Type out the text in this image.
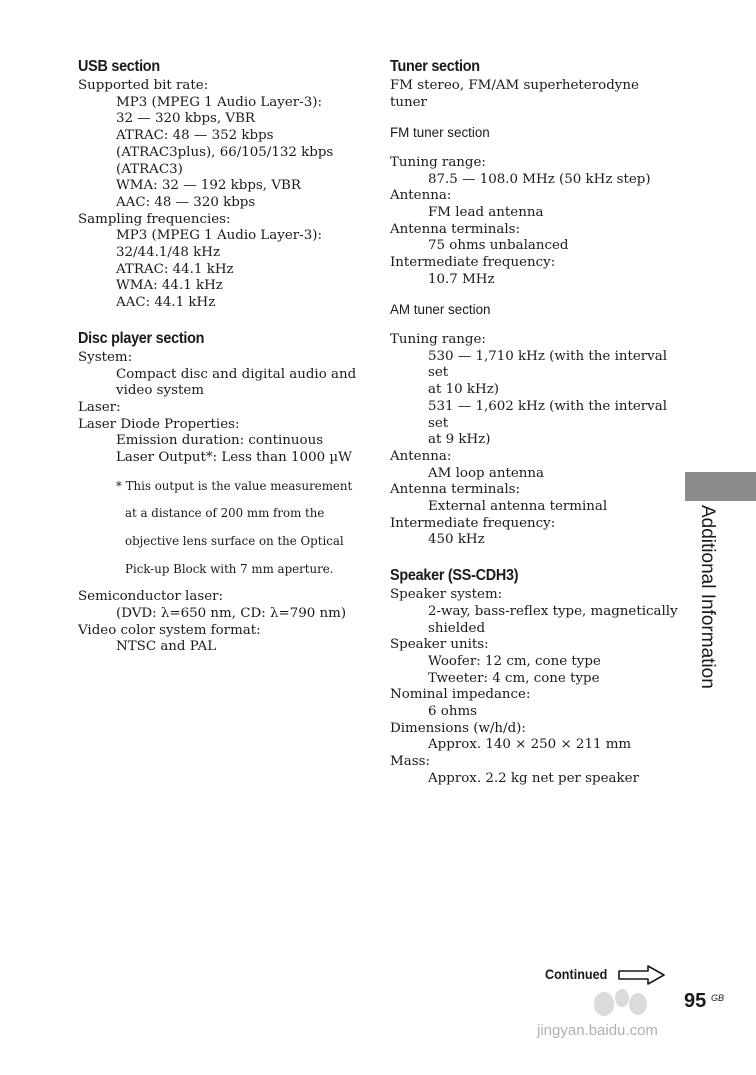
USB section

Supported bit rate:

MP3 (MPEG 1 Audio Layer-3):

32 — 320 kbps, VBR

ATRAC: 48 — 352 kbps

(ATRAC3plus), 66/105/132 kbps

(ATRAC3)

WMA: 32 — 192 kbps, VBR

AAC: 48 — 320 kbps

Sampling frequencies:

MP3 (MPEG 1 Audio Layer-3):

32/44.1/48 kHz

ATRAC: 44.1 kHz

WMA: 44.1 kHz

AAC: 44.1 kHz

Disc player section

System:

Compact disc and digital audio and

video system

Laser:

Laser Diode Properties:

Emission duration: continuous

Laser Output*: Less than 1000 µW

* This output is the value measurement

at a distance of 200 mm from the

objective lens surface on the Optical

Pick-up Block with 7 mm aperture.

Semiconductor laser:

(DVD: λ=650 nm, CD: λ=790 nm)

Video color system format:

NTSC and PAL

Tuner section

FM stereo, FM/AM superheterodyne tuner

FM tuner section

Tuning range:

87.5 — 108.0 MHz (50 kHz step)

Antenna:

FM lead antenna

Antenna terminals:

75 ohms unbalanced

Intermediate frequency:

10.7 MHz

AM tuner section

Tuning range:

530 — 1,710 kHz (with the interval set

at 10 kHz)

531 — 1,602 kHz (with the interval set

at 9 kHz)

Antenna:

AM loop antenna

Antenna terminals:

External antenna terminal

Intermediate frequency:

450 kHz

Speaker (SS-CDH3)

Speaker system:

2-way, bass-reflex type, magnetically

shielded

Speaker units:

Woofer: 12 cm, cone type

Tweeter: 4 cm, cone type

Nominal impedance:

6 ohms

Dimensions (w/h/d):

Approx. 140 × 250 × 211 mm

Mass:

Approx. 2.2 kg net per speaker

Additional Information
Continued
jingyan.baidu.com
95 GB
